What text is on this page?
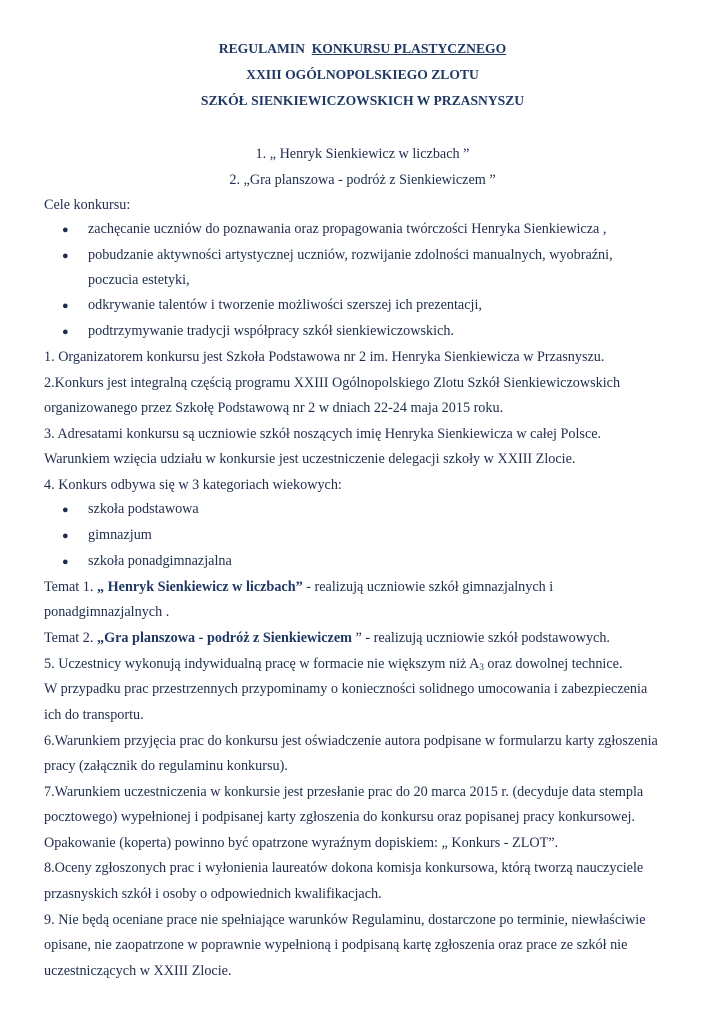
REGULAMIN KONKURSU PLASTYCZNEGO
XXIII OGÓLNOPOLSKIEGO ZLOTU
SZKÓŁ SIENKIEWICZOWSKICH W PRZASNYSZU
1. „ Henryk Sienkiewicz w liczbach ”
2. „Gra planszowa - podróż z Sienkiewiczem ”
Cele konkursu:
● zachęcanie uczniów do poznawania oraz propagowania twórczości Henryka Sienkiewicza ,
● pobudzanie aktywności artystycznej uczniów, rozwijanie zdolności manualnych, wyobraźni,
poczucia estetyki,
● odkrywanie talentów i tworzenie możliwości szerszej ich prezentacji,
● podtrzymywanie tradycji współpracy szkół sienkiewiczowskich.
1. Organizatorem konkursu jest Szkoła Podstawowa nr 2 im. Henryka Sienkiewicza w Przasnyszu.
2.Konkurs jest integralną częścią programu XXIII Ogólnopolskiego Zlotu Szkół Sienkiewiczowskich
organizowanego przez Szkołę Podstawową nr 2 w dniach 22-24 maja 2015 roku.
3. Adresatami konkursu są uczniowie szkół noszących imię Henryka Sienkiewicza w całej Polsce.
Warunkiem wzięcia udziału w konkursie jest uczestniczenie delegacji szkoły w XXIII Zlocie.
4. Konkurs odbywa się w 3 kategoriach wiekowych:
● szkoła podstawowa
● gimnazjum
● szkoła ponadgimnazjalna
Temat 1. „ Henryk Sienkiewicz w liczbach” - realizują uczniowie szkół gimnazjalnych i
ponadgimnazjalnych .
Temat 2. „Gra planszowa - podróż z Sienkiewiczem ” - realizują uczniowie szkół podstawowych.
5. Uczestnicy wykonują indywidualną pracę w formacie nie większym niż $A_3$ oraz dowolnej technice.
W przypadku prac przestrzennych przypominamy o konieczności solidnego umocowania i zabezpieczenia
ich do transportu.
6.Warunkiem przyjęcia prac do konkursu jest oświadczenie autora podpisane w formularzu karty zgłoszenia
pracy (załącznik do regulaminu konkursu).
7.Warunkiem uczestniczenia w konkursie jest przesłanie prac do 20 marca 2015 r. (decyduje data stempla
pocztowego) wypełnionej i podpisanej karty zgłoszenia do konkursu oraz popisanej pracy konkursowej.
Opakowanie (koperta) powinno być opatrzone wyraźnym dopiskiem: „ Konkurs - ZLOT”.
8.Oceny zgłoszonych prac i wyłonienia laureatów dokona komisja konkursowa, którą tworzą nauczyciele
przasnyskich szkół i osoby o odpowiednich kwalifikacjach.
9. Nie będą oceniane prace nie spełniające warunków Regulaminu, dostarczone po terminie, niewłaściwie
opisane, nie zaopatrzone w poprawnie wypełnioną i podpisaną kartę zgłoszenia oraz prace ze szkół nie
uczestniczących w XXIII Zlocie.
